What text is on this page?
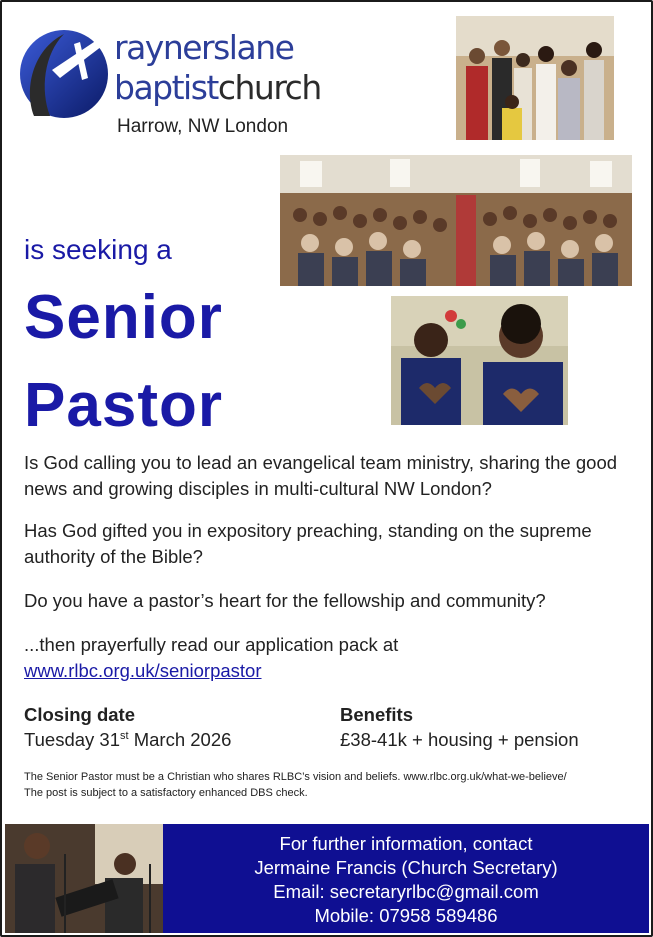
raynerslane
baptistchurch
Harrow, NW London
is seeking a
Senior
Pastor
Is God calling you to lead an evangelical team ministry, sharing the good news and growing disciples in multi-cultural NW London?
Has God gifted you in expository preaching, standing on the supreme authority of the Bible?
Do you have a pastor’s heart for the fellowship and community?
...then prayerfully read our application pack at
www.rlbc.org.uk/seniorpastor
Closing date
Tuesday 31st March 2026
Benefits
£38-41k + housing + pension
The Senior Pastor must be a Christian who shares RLBC’s vision and beliefs. www.rlbc.org.uk/what-we-believe/
The post is subject to a satisfactory enhanced DBS check.
For further information, contact
Jermaine Francis (Church Secretary)
Email: secretaryrlbc@gmail.com
Mobile: 07958 589486
